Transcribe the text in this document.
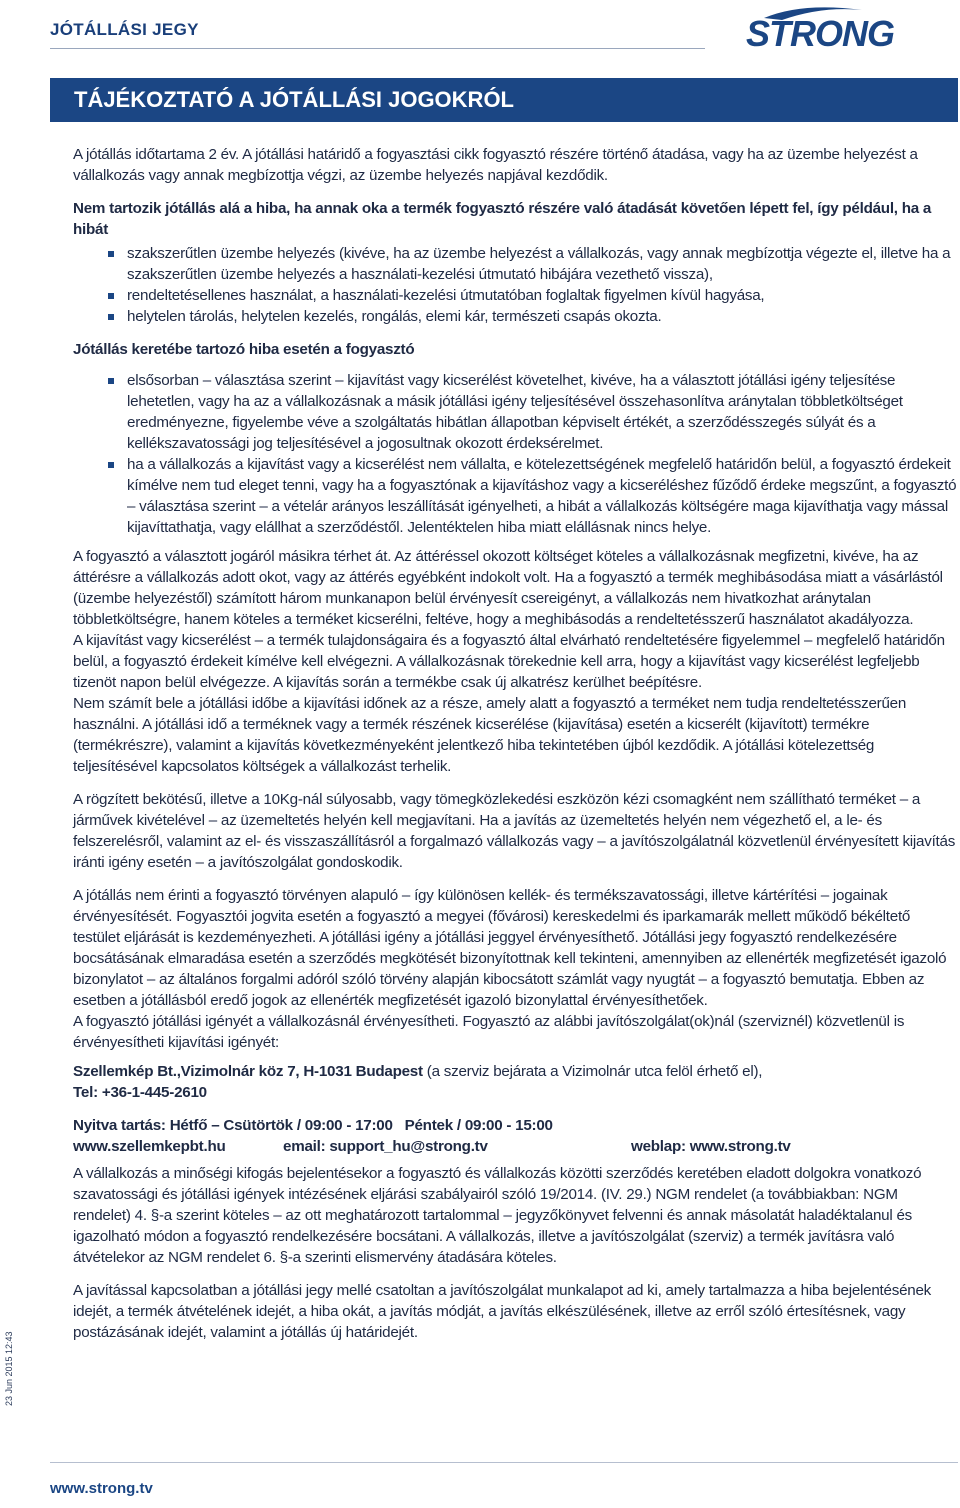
JÓTÁLLÁSI JEGY	STRONG
TÁJÉKOZTATÓ A JÓTÁLLÁSI JOGOKRÓL

A jótállás időtartama 2 év. A jótállási határidő a fogyasztási cikk fogyasztó részére történő átadása, vagy ha az üzembe helyezést a vállalkozás vagy annak megbízottja végzi, az üzembe helyezés napjával kezdődik.

Nem tartozik jótállás alá a hiba, ha annak oka a termék fogyasztó részére való átadását követően lépett fel, így például, ha a hibát

szakszerűtlen üzembe helyezés (kivéve, ha az üzembe helyezést a vállalkozás, vagy annak megbízottja végezte el, illetve ha a szakszerűtlen üzembe helyezés a használati-kezelési útmutató hibájára vezethető vissza),
rendeltetésellenes használat, a használati-kezelési útmutatóban foglaltak figyelmen kívül hagyása,
helytelen tárolás, helytelen kezelés, rongálás, elemi kár, természeti csapás okozta.

Jótállás keretébe tartozó hiba esetén a fogyasztó

elsősorban – választása szerint – kijavítást vagy kicserélést követelhet, kivéve, ha a választott jótállási igény teljesítése lehetetlen, vagy ha az a vállalkozásnak a másik jótállási igény teljesítésével összehasonlítva aránytalan többletköltséget eredményezne, figyelembe véve a szolgáltatás hibátlan állapotban képviselt értékét, a szerződésszegés súlyát és a kellékszavatossági jog teljesítésével a jogosultnak okozott érdeksérelmet.
ha a vállalkozás a kijavítást vagy a kicserélést nem vállalta, e kötelezettségének megfelelő határidőn belül, a fogyasztó érdekeit kímélve nem tud eleget tenni, vagy ha a fogyasztónak a kijavításhoz vagy a kicseréléshez fűződő érdeke megszűnt, a fogyasztó – választása szerint – a vételár arányos leszállítását igényelheti, a hibát a vállalkozás költségére maga kijavíthatja vagy mással kijavíttathatja, vagy elállhat a szerződéstől. Jelentéktelen hiba miatt elállásnak nincs helye.

A fogyasztó a választott jogáról másikra térhet át. Az áttéréssel okozott költséget köteles a vállalkozásnak megfizetni, kivéve, ha az áttérésre a vállalkozás adott okot, vagy az áttérés egyébként indokolt volt. Ha a fogyasztó a termék meghibásodása miatt a vásárlástól (üzembe helyezéstől) számított három munkanapon belül érvényesít csereigényt, a vállalkozás nem hivatkozhat aránytalan többletköltségre, hanem köteles a terméket kicserélni, feltéve, hogy a meghibásodás a rendeltetésszerű használatot akadályozza.

A kijavítást vagy kicserélést – a termék tulajdonságaira és a fogyasztó által elvárható rendeltetésére figyelemmel – megfelelő határidőn belül, a fogyasztó érdekeit kímélve kell elvégezni. A vállalkozásnak törekednie kell arra, hogy a kijavítást vagy kicserélést legfeljebb tizenöt napon belül elvégezze. A kijavítás során a termékbe csak új alkatrész kerülhet beépítésre.

Nem számít bele a jótállási időbe a kijavítási időnek az a része, amely alatt a fogyasztó a terméket nem tudja rendeltetésszerűen használni. A jótállási idő a terméknek vagy a termék részének kicserélése (kijavítása) esetén a kicserélt (kijavított) termékre (termékrészre), valamint a kijavítás következményeként jelentkező hiba tekintetében újból kezdődik. A jótállási kötelezettség teljesítésével kapcsolatos költségek a vállalkozást terhelik.

A rögzített bekötésű, illetve a 10Kg-nál súlyosabb, vagy tömegközlekedési eszközön kézi csomagként nem szállítható terméket – a járművek kivételével – az üzemeltetés helyén kell megjavítani. Ha a javítás az üzemeltetés helyén nem végezhető el, a le- és felszerelésről, valamint az el- és visszaszállításról a forgalmazó vállalkozás vagy – a javítószolgálatnál közvetlenül érvényesített kijavítás iránti igény esetén – a javítószolgálat gondoskodik.

A jótállás nem érinti a fogyasztó törvényen alapuló – így különösen kellék- és termékszavatossági, illetve kártérítési – jogainak érvényesítését. Fogyasztói jogvita esetén a fogyasztó a megyei (fővárosi) kereskedelmi és iparkamarák mellett működő békéltető testület eljárását is kezdeményezheti. A jótállási igény a jótállási jeggyel érvényesíthető. Jótállási jegy fogyasztó rendelkezésére bocsátásának elmaradása esetén a szerződés megkötését bizonyítottnak kell tekinteni, amennyiben az ellenérték megfizetését igazoló bizonylatot – az általános forgalmi adóról szóló törvény alapján kibocsátott számlát vagy nyugtát – a fogyasztó bemutatja. Ebben az esetben a jótállásból eredő jogok az ellenérték megfizetését igazoló bizonylattal érvényesíthetőek.

A fogyasztó jótállási igényét a vállalkozásnál érvényesítheti. Fogyasztó az alábbi javítószolgálat(ok)nál (szerviznél) közvetlenül is érvényesítheti kijavítási igényét:

Szellemkép Bt.,Vizimolnár köz 7, H-1031 Budapest (a szerviz bejárata a Vizimolnár utca felöl érhető el),

Tel: +36-1-445-2610

Nyitva tartás: Hétfő – Csütörtök / 09:00 - 17:00   Péntek / 09:00 - 15:00

www.szellemkepbt.hu	email: support_hu@strong.tv	weblap: www.strong.tv

A vállalkozás a minőségi kifogás bejelentésekor a fogyasztó és vállalkozás közötti szerződés keretében eladott dolgokra vonatkozó szavatossági és jótállási igények intézésének eljárási szabályairól szóló 19/2014. (IV. 29.) NGM rendelet (a továbbiakban: NGM rendelet) 4. §-a szerint köteles – az ott meghatározott tartalommal – jegyzőkönyvet felvenni és annak másolatát haladéktalanul és igazolható módon a fogyasztó rendelkezésére bocsátani. A vállalkozás, illetve a javítószolgálat (szerviz) a termék javításra való átvételekor az NGM rendelet 6. §-a szerinti elismervény átadására köteles.

A javítással kapcsolatban a jótállási jegy mellé csatoltan a javítószolgálat munkalapot ad ki, amely tartalmazza a hiba bejelentésének idejét, a termék átvételének idejét, a hiba okát, a javítás módját, a javítás elkészülésének, illetve az erről szóló értesítésnek, vagy postázásának idejét, valamint a jótállás új határidejét.

23 Jun 2015 12:43
www.strong.tv
